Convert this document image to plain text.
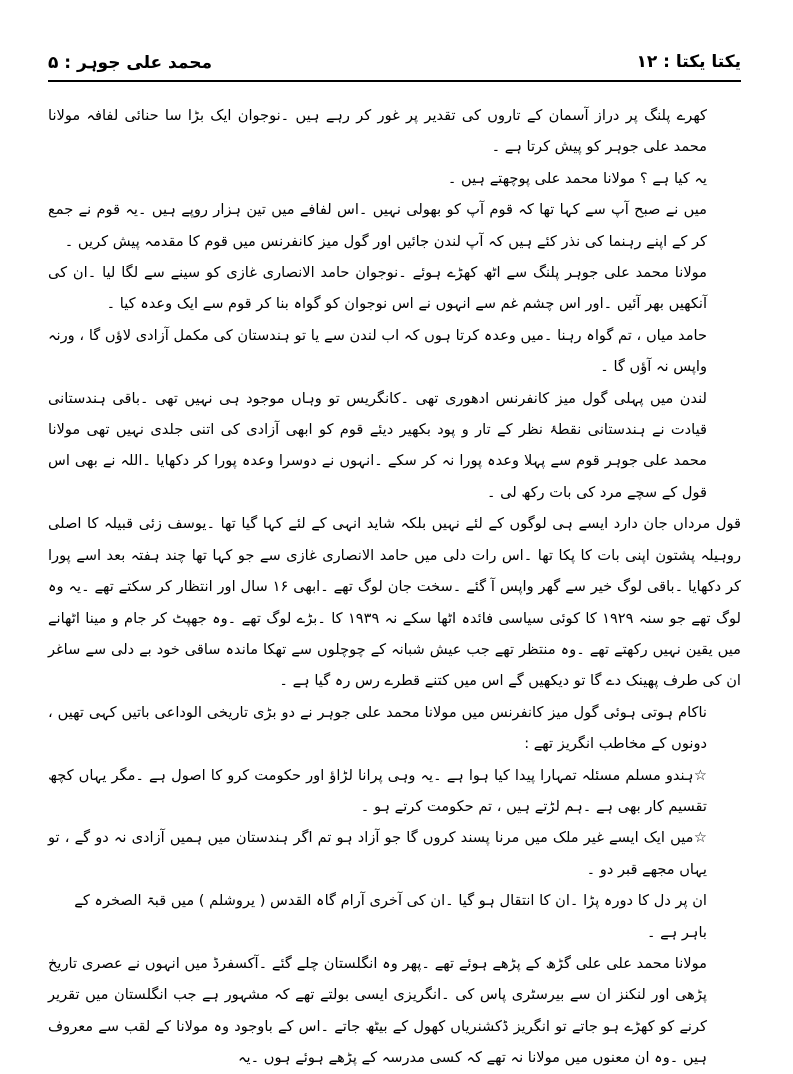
محمد علی جوہر : ۵	یکتا یکتا : ۱۲

کھرے پلنگ پر دراز آسمان کے تاروں کی تقدیر پر غور کر رہے ہیں ۔نوجوان ایک بڑا سا حنائی لفافہ مولانا محمد علی جوہر کو پیش کرتا ہے ۔

یہ کیا ہے ؟ مولانا محمد علی پوچھتے ہیں ۔

میں نے صبح آپ سے کہا تھا کہ قوم آپ کو بھولی نہیں ۔اس لفافے میں تین ہزار روپے ہیں ۔یہ قوم نے جمع کر کے اپنے رہنما کی نذر کئے ہیں کہ آپ لندن جائیں اور گول میز کانفرنس میں قوم کا مقدمہ پیش کریں ۔

مولانا محمد علی جوہر پلنگ سے اٹھ کھڑے ہوئے ۔نوجوان حامد الانصاری غازی کو سینے سے لگا لیا ۔ان کی آنکھیں بھر آئیں ۔اور اس چشم غم سے انہوں نے اس نوجوان کو گواہ بنا کر قوم سے ایک وعدہ کیا ۔

حامد میاں ، تم گواہ رہنا ۔میں وعدہ کرتا ہوں کہ اب لندن سے یا تو ہندستان کی مکمل آزادی لاؤں گا ، ورنہ واپس نہ آؤں گا ۔

لندن میں پہلی گول میز کانفرنس ادھوری تھی ۔کانگریس تو وہاں موجود ہی نہیں تھی ۔باقی ہندستانی قیادت نے ہندستانی نقطۂ نظر کے تار و پود بکھیر دیئے قوم کو ابھی آزادی کی اتنی جلدی نہیں تھی مولانا محمد علی جوہر قوم سے پہلا وعدہ پورا نہ کر سکے ۔انہوں نے دوسرا وعدہ پورا کر دکھایا ۔اللہ نے بھی اس قول کے سچے مرد کی بات رکھ لی ۔

قول مرداں جان دارد ایسے ہی لوگوں کے لئے نہیں بلکہ شاید انہی کے لئے کہا گیا تھا ۔یوسف زئی قبیلہ کا اصلی روہیلہ پشتون اپنی بات کا پکا تھا ۔اس رات دلی میں حامد الانصاری غازی سے جو کہا تھا چند ہفتہ بعد اسے پورا کر دکھایا ۔باقی لوگ خیر سے گھر واپس آ گئے ۔سخت جان لوگ تھے ۔ابھی ۱۶ سال اور انتظار کر سکتے تھے ۔یہ وہ لوگ تھے جو سنہ ۱۹۲۹ کا کوئی سیاسی فائدہ اٹھا سکے نہ ۱۹۳۹ کا ۔بڑے لوگ تھے ۔وہ جھپٹ کر جام و مینا اٹھانے میں یقین نہیں رکھتے تھے ۔وہ منتظر تھے جب عیش شبانہ کے چوچلوں سے تھکا ماندہ ساقی خود بے دلی سے ساغر ان کی طرف پھینک دے گا تو دیکھیں گے اس میں کتنے قطرے رس رہ گیا ہے ۔

ناکام ہوتی ہوئی گول میز کانفرنس میں مولانا محمد علی جوہر نے دو بڑی تاریخی الوداعی باتیں کہی تھیں ، دونوں کے مخاطب انگریز تھے :

☆ہندو مسلم مسئلہ تمہارا پیدا کیا ہوا ہے ۔یہ وہی پرانا لڑاؤ اور حکومت کرو کا اصول ہے ۔مگر یہاں کچھ تقسیم کار بھی ہے ۔ہم لڑتے ہیں ، تم حکومت کرتے ہو ۔

☆میں ایک ایسے غیر ملک میں مرنا پسند کروں گا جو آزاد ہو تم اگر ہندستان میں ہمیں آزادی نہ دو گے ، تو یہاں مجھے قبر دو ۔

ان پر دل کا دورہ پڑا ۔ان کا انتقال ہو گیا ۔ان کی آخری آرام گاہ القدس ( یروشلم ) میں قبۃ الصخرہ کے باہر ہے ۔

مولانا محمد علی علی گڑھ کے پڑھے ہوئے تھے ۔پھر وہ انگلستان چلے گئے ۔آکسفرڈ میں انہوں نے عصری تاریخ پڑھی اور لنکنز ان سے بیرسٹری پاس کی ۔انگریزی ایسی بولتے تھے کہ مشہور ہے جب انگلستان میں تقریر کرنے کو کھڑے ہو جاتے تو انگریز ڈکشنریاں کھول کے بیٹھ جاتے ۔اس کے باوجود وہ مولانا کے لقب سے معروف ہیں ۔وہ ان معنوں میں مولانا نہ تھے کہ کسی مدرسہ کے پڑھے ہوئے ہوں ۔یہ
